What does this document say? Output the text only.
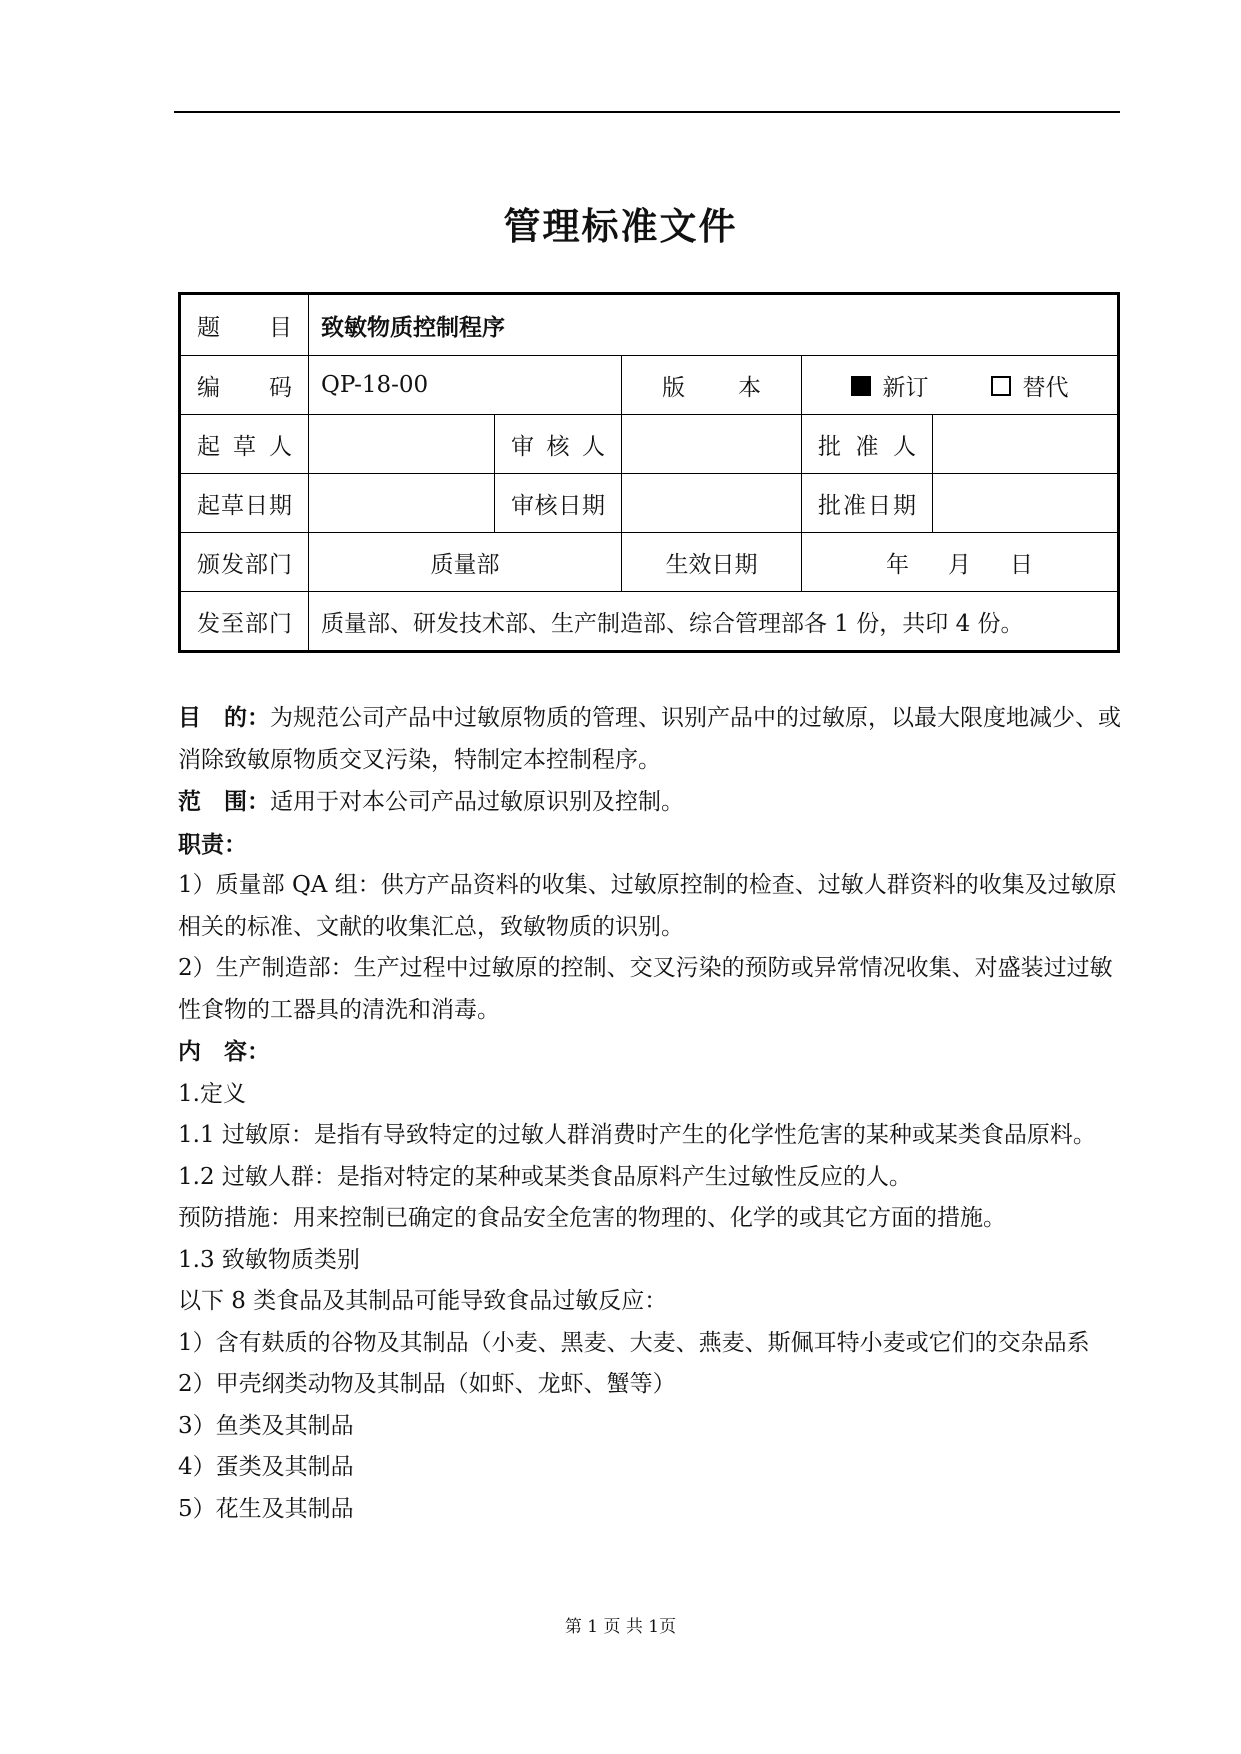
管理标准文件
题 目	致敏物质控制程序				
编 码	QP-18-00		版 本	新订 替代	
起草人		审核人		批准人	
起草日期		审核日期		批准日期	
颁发部门	质量部		生效日期	年 月 日	
发至部门	质量部、研发技术部、生产制造部、综合管理部各 1 份，共印 4 份。				

目　的：为规范公司产品中过敏原物质的管理、识别产品中的过敏原，以最大限度地减少、或消除致敏原物质交叉污染，特制定本控制程序。

范　围：适用于对本公司产品过敏原识别及控制。

职责：

1）质量部 QA 组：供方产品资料的收集、过敏原控制的检查、过敏人群资料的收集及过敏原相关的标准、文献的收集汇总，致敏物质的识别。

2）生产制造部：生产过程中过敏原的控制、交叉污染的预防或异常情况收集、对盛装过过敏性食物的工器具的清洗和消毒。

内　容：

1.定义

1.1 过敏原：是指有导致特定的过敏人群消费时产生的化学性危害的某种或某类食品原料。

1.2 过敏人群：是指对特定的某种或某类食品原料产生过敏性反应的人。

预防措施：用来控制已确定的食品安全危害的物理的、化学的或其它方面的措施。

1.3 致敏物质类别

以下 8 类食品及其制品可能导致食品过敏反应：

1）含有麸质的谷物及其制品（小麦、黑麦、大麦、燕麦、斯佩耳特小麦或它们的交杂品系

2）甲壳纲类动物及其制品（如虾、龙虾、蟹等）

3）鱼类及其制品

4）蛋类及其制品

5）花生及其制品

第 1 页 共 1页
